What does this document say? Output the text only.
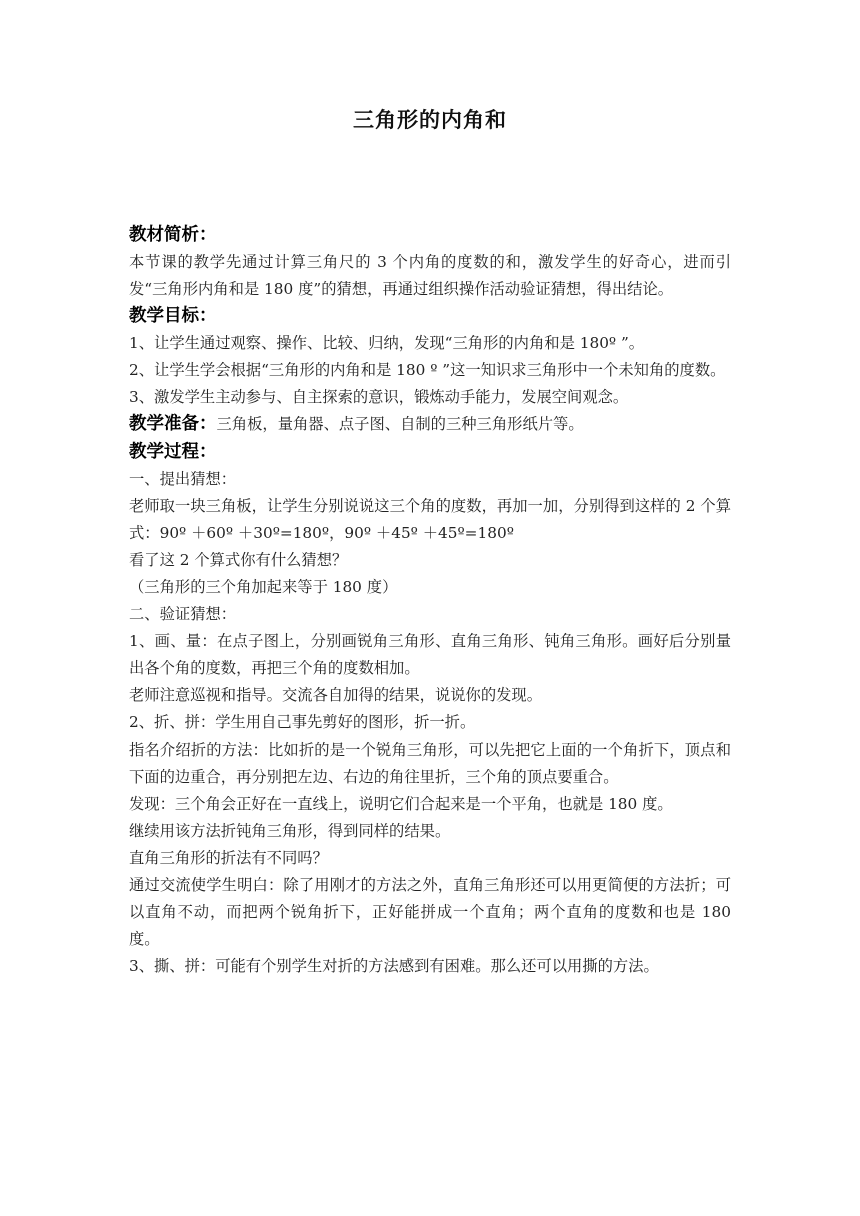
三角形的内角和
教材简析：

本节课的教学先通过计算三角尺的 3 个内角的度数的和，激发学生的好奇心，进而引发“三角形内角和是 180 度”的猜想，再通过组织操作活动验证猜想，得出结论。

教学目标：

1、让学生通过观察、操作、比较、归纳，发现“三角形的内角和是 180º ”。

2、让学生学会根据“三角形的内角和是 180 º ”这一知识求三角形中一个未知角的度数。

3、激发学生主动参与、自主探索的意识，锻炼动手能力，发展空间观念。

教学准备：三角板，量角器、点子图、自制的三种三角形纸片等。

教学过程：

一、提出猜想：

老师取一块三角板，让学生分别说说这三个角的度数，再加一加，分别得到这样的 2 个算式：90º ＋60º ＋30º=180º，90º ＋45º ＋45º=180º

看了这 2 个算式你有什么猜想？

（三角形的三个角加起来等于 180 度）

二、验证猜想：

1、画、量：在点子图上，分别画锐角三角形、直角三角形、钝角三角形。画好后分别量出各个角的度数，再把三个角的度数相加。

老师注意巡视和指导。交流各自加得的结果，说说你的发现。

2、折、拼：学生用自己事先剪好的图形，折一折。

指名介绍折的方法：比如折的是一个锐角三角形，可以先把它上面的一个角折下，顶点和下面的边重合，再分别把左边、右边的角往里折，三个角的顶点要重合。

发现：三个角会正好在一直线上，说明它们合起来是一个平角，也就是 180 度。

继续用该方法折钝角三角形，得到同样的结果。

直角三角形的折法有不同吗？

通过交流使学生明白：除了用刚才的方法之外，直角三角形还可以用更简便的方法折；可以直角不动，而把两个锐角折下，正好能拼成一个直角；两个直角的度数和也是 180 度。

3、撕、拼：可能有个别学生对折的方法感到有困难。那么还可以用撕的方法。
